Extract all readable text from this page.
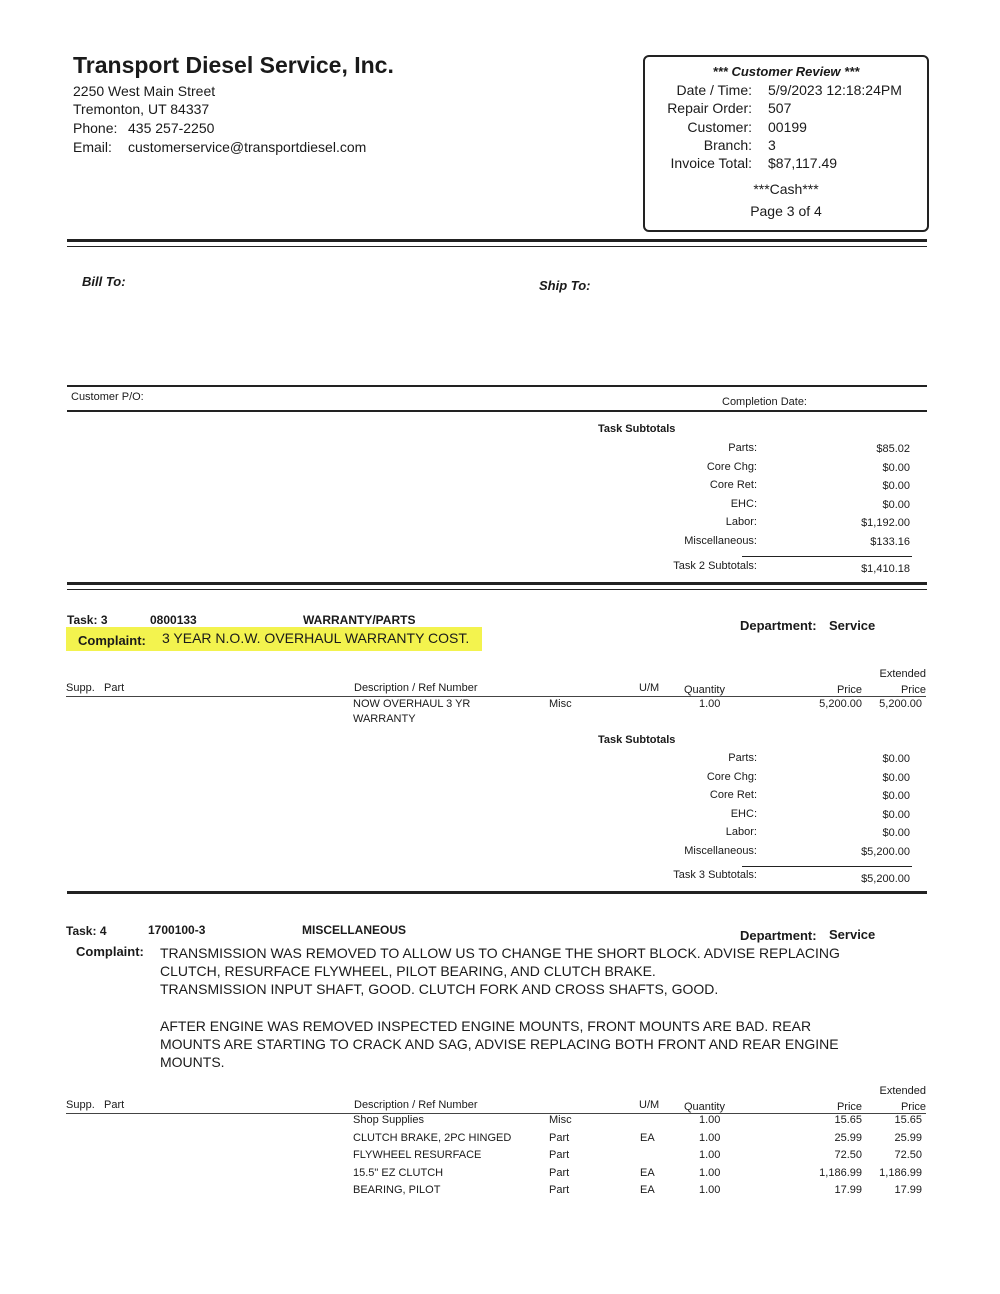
Transport Diesel Service, Inc.
2250 West Main Street
Tremonton, UT 84337
Phone: 435 257-2250
Email: customerservice@transportdiesel.com
*** Customer Review ***
Date / Time: 5/9/2023 12:18:24PM
Repair Order: 507
Customer: 00199
Branch: 3
Invoice Total: $87,117.49
***Cash***
Page 3 of 4
Bill To:	Ship To:
Customer P/O:	Completion Date:
Task Subtotals
Parts:	$85.02
Core Chg:	$0.00
Core Ret:	$0.00
EHC:	$0.00
Labor:	$1,192.00
Miscellaneous:	$133.16
Task 2 Subtotals:	$1,410.18
Task: 3	0800133	WARRANTY/PARTS
Complaint: 3 YEAR N.O.W. OVERHAUL WARRANTY COST.
Department: Service
Supp. Part	Description / Ref Number	U/M Quantity	Price
Extended
Price
NOW OVERHAUL 3 YR
WARRANTY
Misc	1.00	5,200.00	5,200.00
Task Subtotals
Parts:	$0.00
Core Chg:	$0.00
Core Ret:	$0.00
EHC:	$0.00
Labor:	$0.00
Miscellaneous:	$5,200.00
Task 3 Subtotals:	$5,200.00
Task: 4	1700100-3	MISCELLANEOUS	Department: Service
Complaint: TRANSMISSION WAS REMOVED TO ALLOW US TO CHANGE THE SHORT BLOCK. ADVISE REPLACING
CLUTCH, RESURFACE FLYWHEEL, PILOT BEARING, AND CLUTCH BRAKE.
TRANSMISSION INPUT SHAFT, GOOD. CLUTCH FORK AND CROSS SHAFTS, GOOD.
AFTER ENGINE WAS REMOVED INSPECTED ENGINE MOUNTS, FRONT MOUNTS ARE BAD. REAR
MOUNTS ARE STARTING TO CRACK AND SAG, ADVISE REPLACING BOTH FRONT AND REAR ENGINE
MOUNTS.
Supp. Part	Description / Ref Number	U/M Quantity	Price
Extended
Price
Shop Supplies	Misc	1.00	15.65	15.65
CLUTCH BRAKE, 2PC HINGED	Part	EA	1.00	25.99	25.99
FLYWHEEL RESURFACE	Part	1.00	72.50	72.50
15.5" EZ CLUTCH	Part	EA	1.00	1,186.99	1,186.99
BEARING, PILOT	Part	EA	1.00	17.99	17.99
